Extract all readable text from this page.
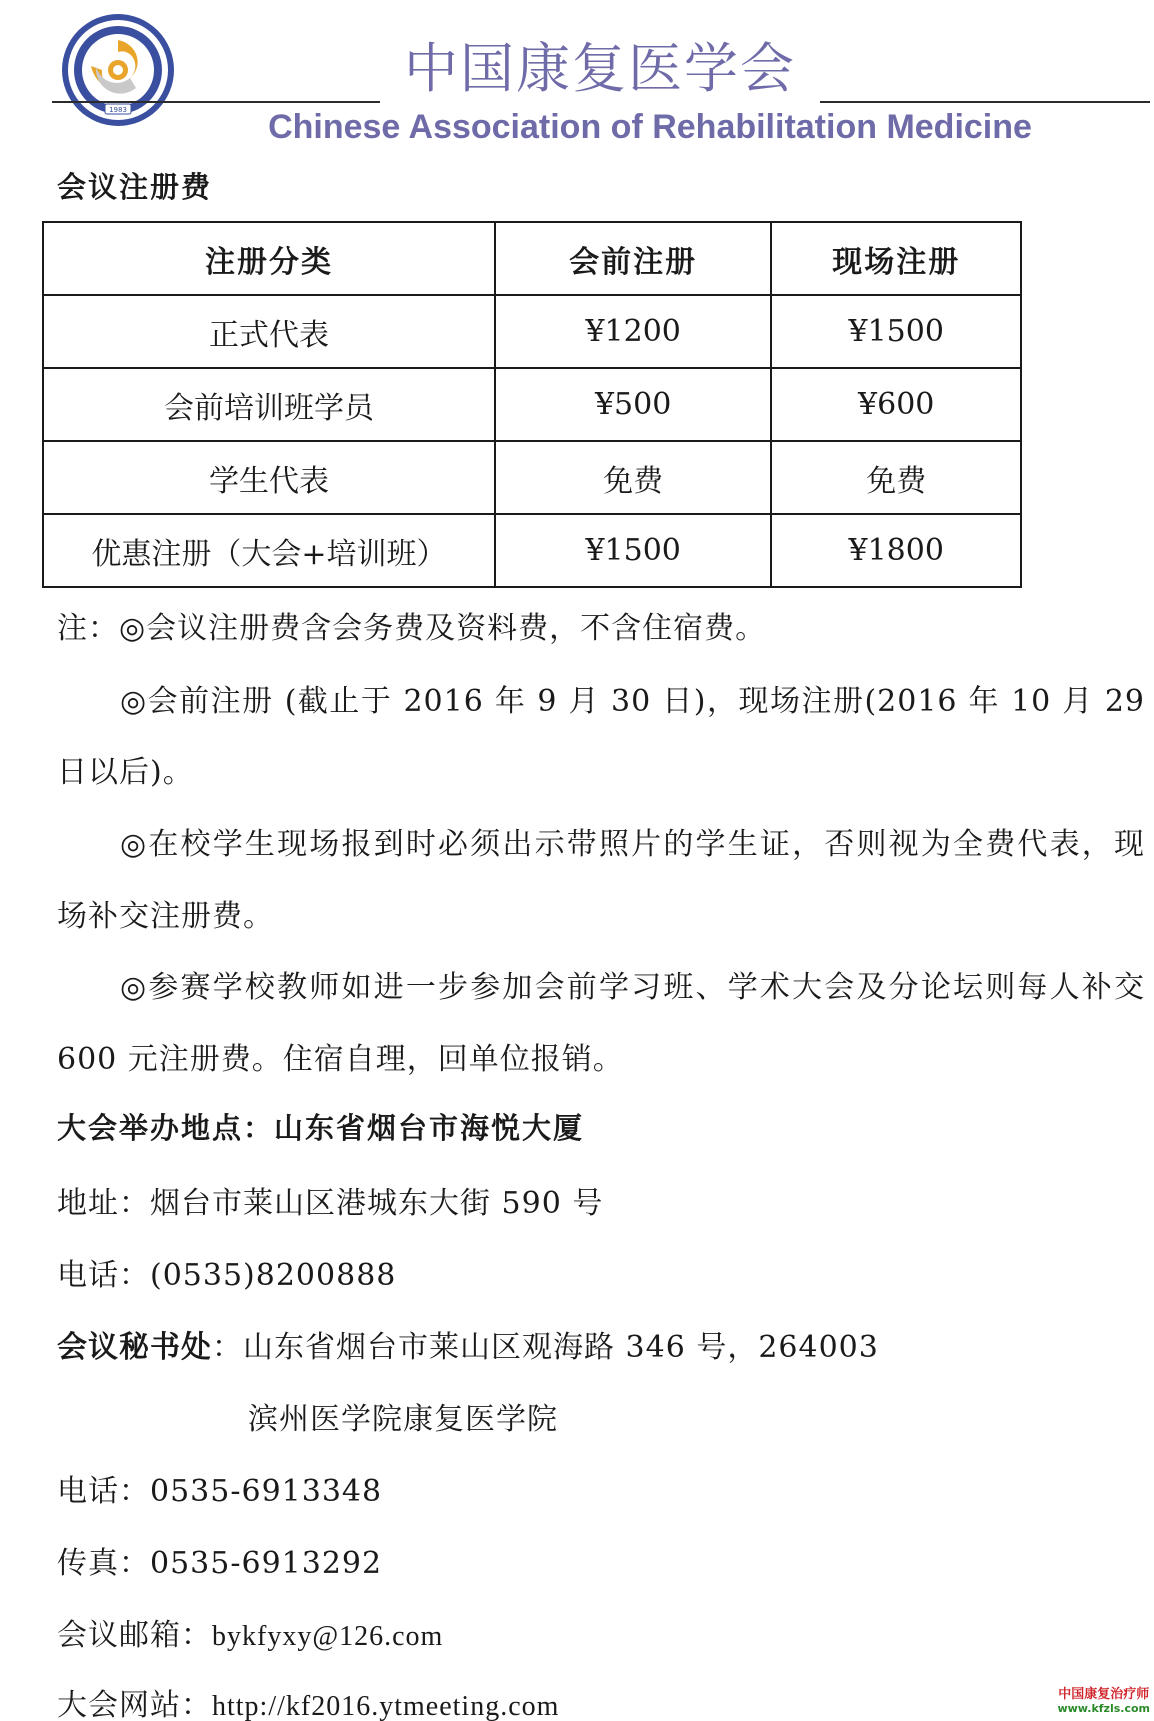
1983
中国康复医学会
Chinese Association of Rehabilitation Medicine
会议注册费
注册分类	会前注册	现场注册
正式代表	¥1200	¥1500
会前培训班学员	¥500	¥600
学生代表	免费	免费
优惠注册（大会+培训班）	¥1500	¥1800
注：◎会议注册费含会务费及资料费，不含住宿费。
◎会前注册 (截止于 2016 年 9 月 30 日)，现场注册(2016 年 10 月 29
日以后)。
◎在校学生现场报到时必须出示带照片的学生证，否则视为全费代表，现
场补交注册费。
◎参赛学校教师如进一步参加会前学习班、学术大会及分论坛则每人补交
600 元注册费。住宿自理，回单位报销。
大会举办地点：山东省烟台市海悦大厦
地址：烟台市莱山区港城东大街 590 号
电话：(0535)8200888
会议秘书处：山东省烟台市莱山区观海路 346 号，264003
滨州医学院康复医学院
电话：0535-6913348
传真：0535-6913292
会议邮箱：bykfyxy@126.com
大会网站：http://kf2016.ytmeeting.com	中国康复治疗师
www.kfzls.com
